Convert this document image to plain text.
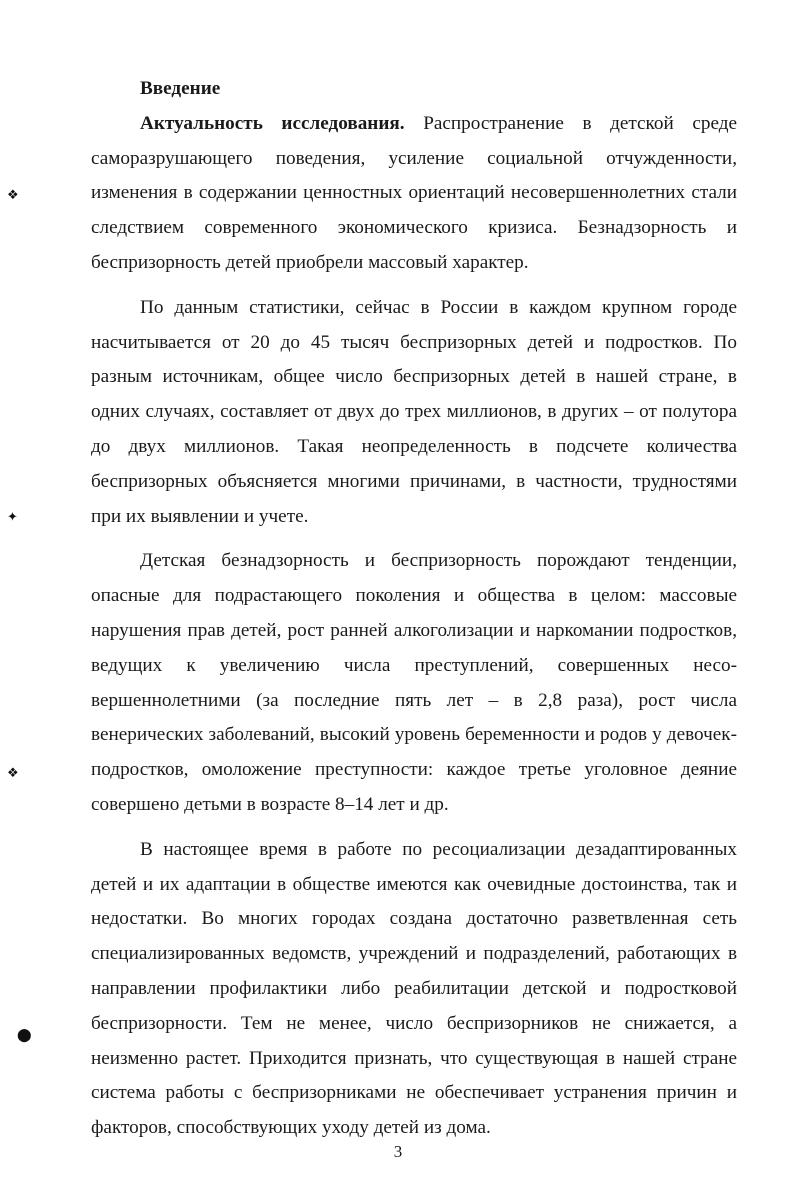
❖
✦
❖
⬤

Введение

Актуальность исследования. Распространение в детской среде саморазрушающего поведения, усиление социальной отчужденности, изменения в содержании ценностных ориентаций несовершеннолетних стали следствием современного экономического кризиса. Безнадзорность и беспризорность детей приобрели массовый характер.

По данным статистики, сейчас в России в каждом крупном городе насчитывается от 20 до 45 тысяч беспризорных детей и подростков. По разным источникам, общее число беспризорных детей в нашей стране, в одних случаях, составляет от двух до трех миллионов, в других – от полутора до двух миллионов. Такая неопределенность в подсчете количества беспризорных объясняется многими причинами, в частности, трудностями при их выявлении и учете.

Детская безнадзорность и беспризорность порождают тенденции, опасные для подрастающего поколения и общества в целом: массовые нарушения прав детей, рост ранней алкоголизации и наркомании подростков, ведущих к увеличению числа преступлений, совершенных несо-вершеннолетними (за последние пять лет – в 2,8 раза), рост числа венерических заболеваний, высокий уровень беременности и родов у девочек-подростков, омоложение преступности: каждое третье уголовное деяние совершено детьми в возрасте 8–14 лет и др.

В настоящее время в работе по ресоциализации дезадаптированных детей и их адаптации в обществе имеются как очевидные достоинства, так и недостатки. Во многих городах создана достаточно разветвленная сеть специализированных ведомств, учреждений и подразделений, работающих в направлении профилактики либо реабилитации детской и подростковой беспризорности. Тем не менее, число беспризорников не снижается, а неизменно растет. Приходится признать, что существующая в нашей стране система работы с беспризорниками не обеспечивает устранения причин и факторов, способствующих уходу детей из дома.

3
